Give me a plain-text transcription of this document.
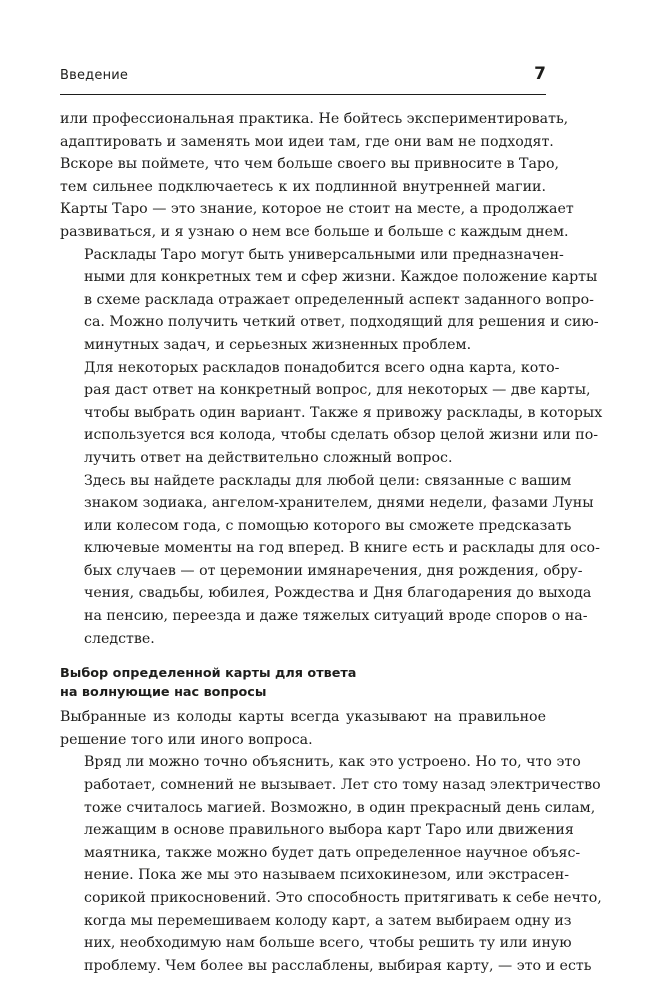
Введение	7

или профессиональная практика. Не бойтесь экспериментировать,
адаптировать и заменять мои идеи там, где они вам не подходят.
Вскоре вы поймете, что чем больше своего вы привносите в Таро,
тем сильнее подключаетесь к их подлинной внутренней магии.
Карты Таро — это знание, которое не стоит на месте, а продолжает
развиваться, и я узнаю о нем все больше и больше с каждым днем.

Расклады Таро могут быть универсальными или предназначен-
ными для конкретных тем и сфер жизни. Каждое положение карты
в схеме расклада отражает определенный аспект заданного вопро-
са. Можно получить четкий ответ, подходящий для решения и сию-
минутных задач, и серьезных жизненных проблем.

Для некоторых раскладов понадобится всего одна карта, кото-
рая даст ответ на конкретный вопрос, для некоторых — две карты,
чтобы выбрать один вариант. Также я привожу расклады, в которых
используется вся колода, чтобы сделать обзор целой жизни или по-
лучить ответ на действительно сложный вопрос.

Здесь вы найдете расклады для любой цели: связанные с вашим
знаком зодиака, ангелом-хранителем, днями недели, фазами Луны
или колесом года, с помощью которого вы сможете предсказать
ключевые моменты на год вперед. В книге есть и расклады для осо-
бых случаев — от церемонии имянаречения, дня рождения, обру-
чения, свадьбы, юбилея, Рождества и Дня благодарения до выхода
на пенсию, переезда и даже тяжелых ситуаций вроде споров о на-
следстве.

Выбор определенной карты для ответа
на волнующие нас вопросы

Выбранные из колоды карты всегда указывают на правильное
решение того или иного вопроса.

Вряд ли можно точно объяснить, как это устроено. Но то, что это
работает, сомнений не вызывает. Лет сто тому назад электричество
тоже считалось магией. Возможно, в один прекрасный день силам,
лежащим в основе правильного выбора карт Таро или движения
маятника, также можно будет дать определенное научное объяс-
нение. Пока же мы это называем психокинезом, или экстрасен-
сорикой прикосновений. Это способность притягивать к себе нечто,
когда мы перемешиваем колоду карт, а затем выбираем одну из
них, необходимую нам больше всего, чтобы решить ту или иную
проблему. Чем более вы расслаблены, выбирая карту, — это и есть
